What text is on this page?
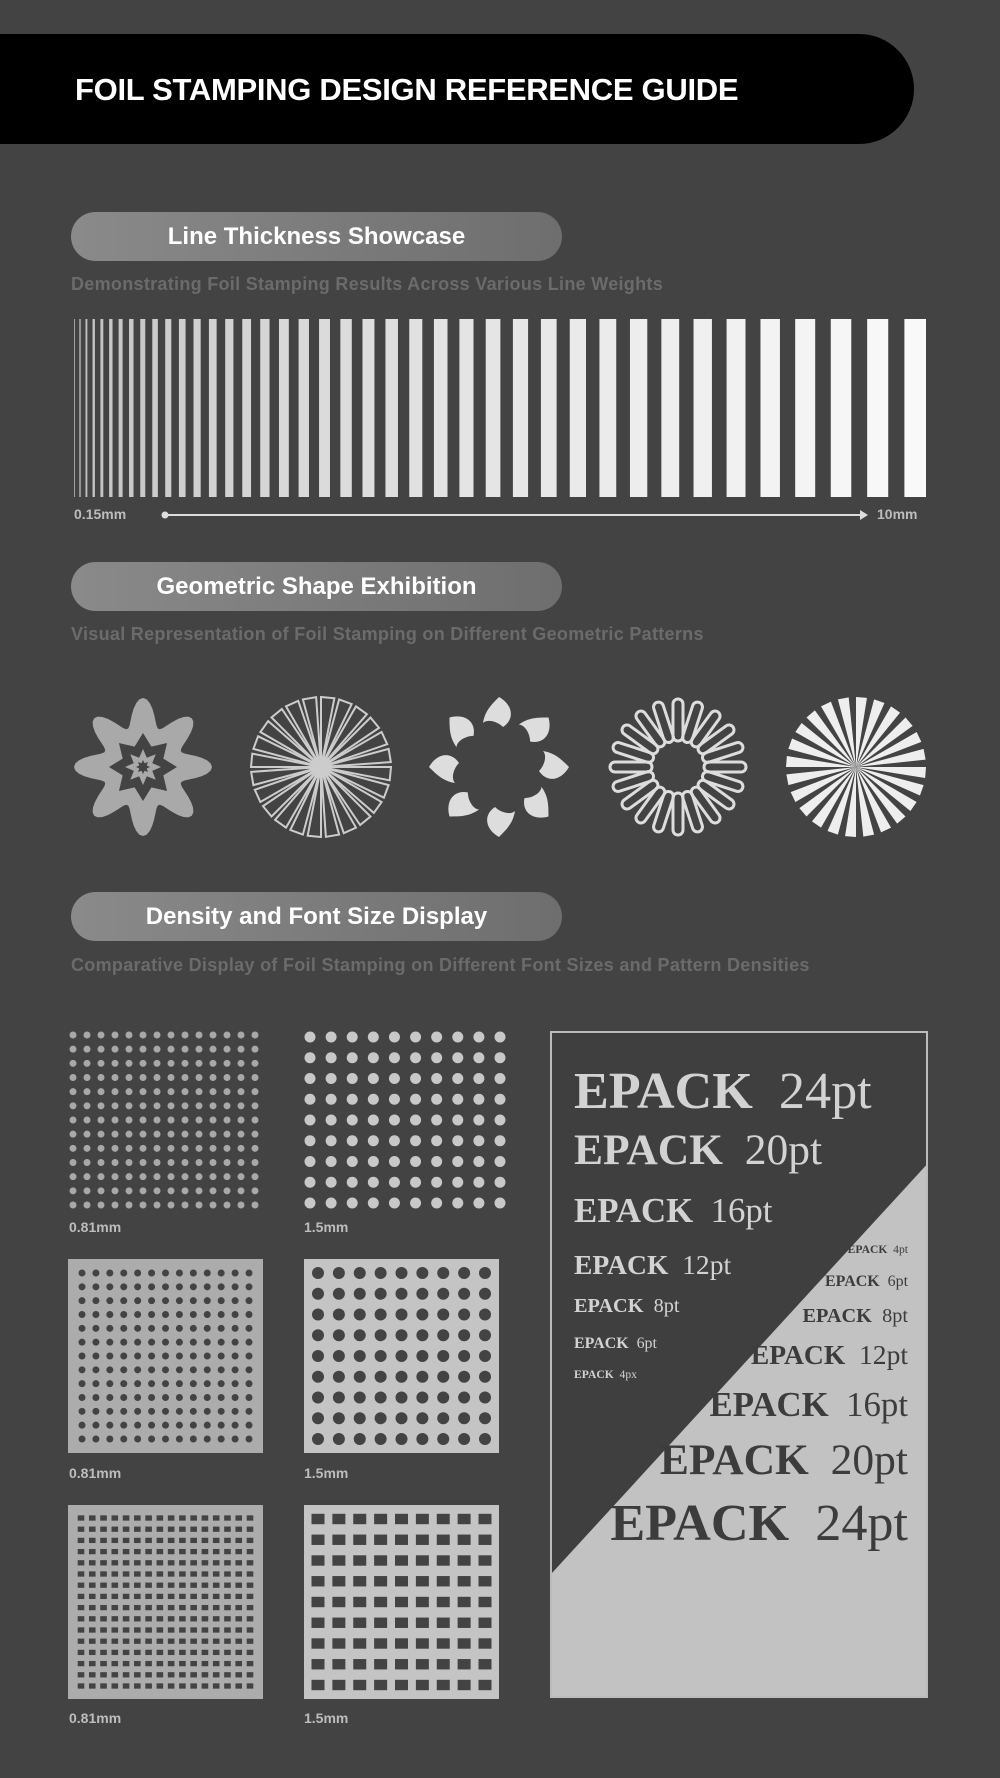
FOIL STAMPING DESIGN REFERENCE GUIDE
Line Thickness Showcase
Demonstrating Foil Stamping Results Across Various Line Weights
0.15mm	10mm
Geometric Shape Exhibition
Visual Representation of Foil Stamping on Different Geometric Patterns
Density and Font Size Display
Comparative Display of Foil Stamping on Different Font Sizes and Pattern Densities
0.81mm	1.5mm
0.81mm	1.5mm
0.81mm	1.5mm
EPACK 24pt
EPACK 20pt
EPACK 16pt
EPACK 12pt
EPACK 8pt
EPACK 6pt
EPACK 4px
EPACK 4pt
EPACK 6pt
EPACK 8pt
EPACK 12pt
EPACK 16pt
EPACK 20pt
EPACK 24pt
